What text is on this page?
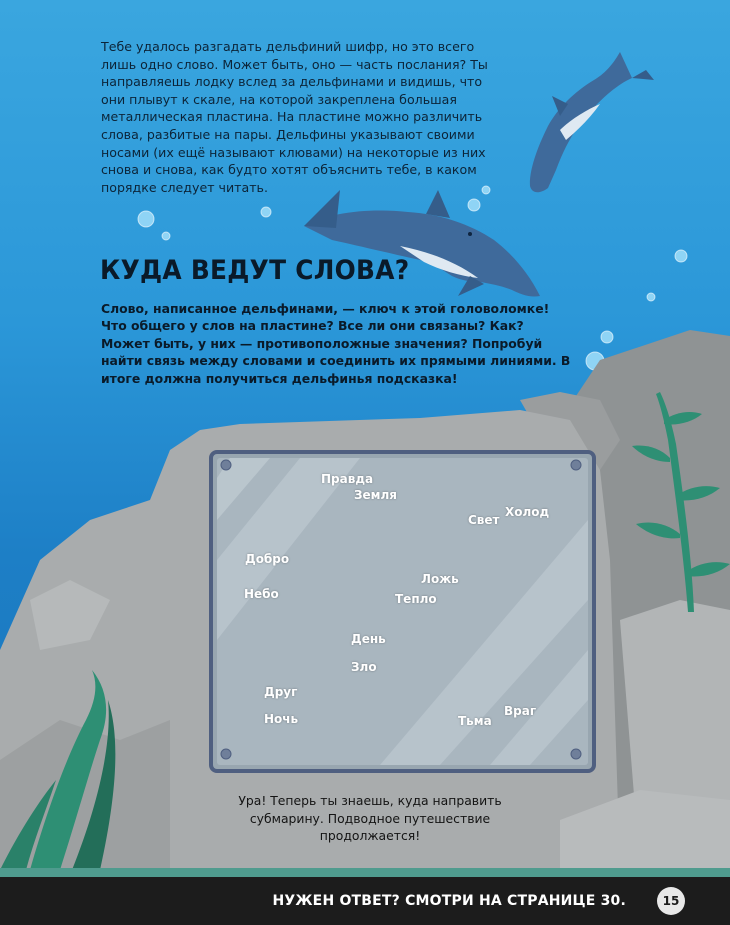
Тебе удалось разгадать дельфиний шифр, но это всего лишь одно слово. Может быть, оно — часть послания? Ты направляешь лодку вслед за дельфинами и видишь, что они плывут к скале, на которой закреплена большая металлическая пластина. На пластине можно различить слова, разбитые на пары. Дельфины указывают своими носами (их ещё называют клювами) на некоторые из них снова и снова, как будто хотят объяснить тебе, в каком порядке следует читать.

КУДА ВЕДУТ СЛОВА?

Слово, написанное дельфинами, — ключ к этой головоломке! Что общего у слов на пластине? Все ли они связаны? Как? Может быть, у них — противоположные значения? Попробуй найти связь между словами и соединить их прямыми линиями. В итоге должна получиться дельфинья подсказка!

Правда
Земля
Свет
Холод
Добро
Небо
Ложь
Тепло
День
Зло
Друг
Ночь	Тьма
Враг

Ура! Теперь ты знаешь, куда направить субмарину. Подводное путешествие продолжается!

НУЖЕН ОТВЕТ? СМОТРИ НА СТРАНИЦЕ 30.	15
